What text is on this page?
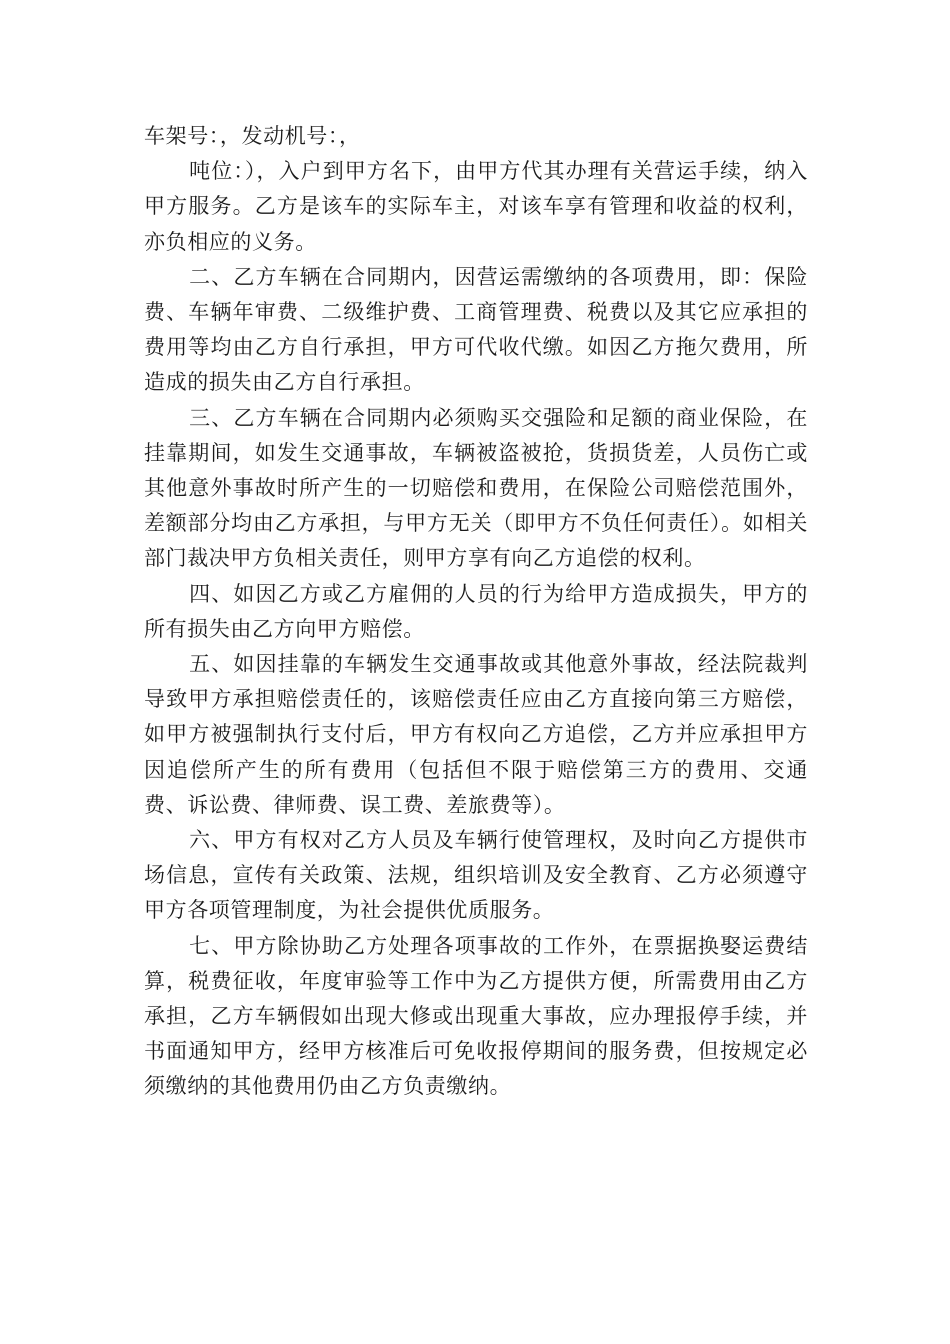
车架号：，发动机号：，

吨位：），入户到甲方名下，由甲方代其办理有关营运手续，纳入甲方服务。乙方是该车的实际车主，对该车享有管理和收益的权利，亦负相应的义务。

二、乙方车辆在合同期内，因营运需缴纳的各项费用，即：保险费、车辆年审费、二级维护费、工商管理费、税费以及其它应承担的费用等均由乙方自行承担，甲方可代收代缴。如因乙方拖欠费用，所造成的损失由乙方自行承担。

三、乙方车辆在合同期内必须购买交强险和足额的商业保险，在挂靠期间，如发生交通事故，车辆被盗被抢，货损货差，人员伤亡或其他意外事故时所产生的一切赔偿和费用，在保险公司赔偿范围外，差额部分均由乙方承担，与甲方无关（即甲方不负任何责任）。如相关部门裁决甲方负相关责任，则甲方享有向乙方追偿的权利。

四、如因乙方或乙方雇佣的人员的行为给甲方造成损失，甲方的所有损失由乙方向甲方赔偿。

五、如因挂靠的车辆发生交通事故或其他意外事故，经法院裁判导致甲方承担赔偿责任的，该赔偿责任应由乙方直接向第三方赔偿，如甲方被强制执行支付后，甲方有权向乙方追偿，乙方并应承担甲方因追偿所产生的所有费用（包括但不限于赔偿第三方的费用、交通费、诉讼费、律师费、误工费、差旅费等）。

六、甲方有权对乙方人员及车辆行使管理权，及时向乙方提供市场信息，宣传有关政策、法规，组织培训及安全教育、乙方必须遵守甲方各项管理制度，为社会提供优质服务。

七、甲方除协助乙方处理各项事故的工作外，在票据换娶运费结算，税费征收，年度审验等工作中为乙方提供方便，所需费用由乙方承担，乙方车辆假如出现大修或出现重大事故，应办理报停手续，并书面通知甲方，经甲方核准后可免收报停期间的服务费，但按规定必须缴纳的其他费用仍由乙方负责缴纳。
